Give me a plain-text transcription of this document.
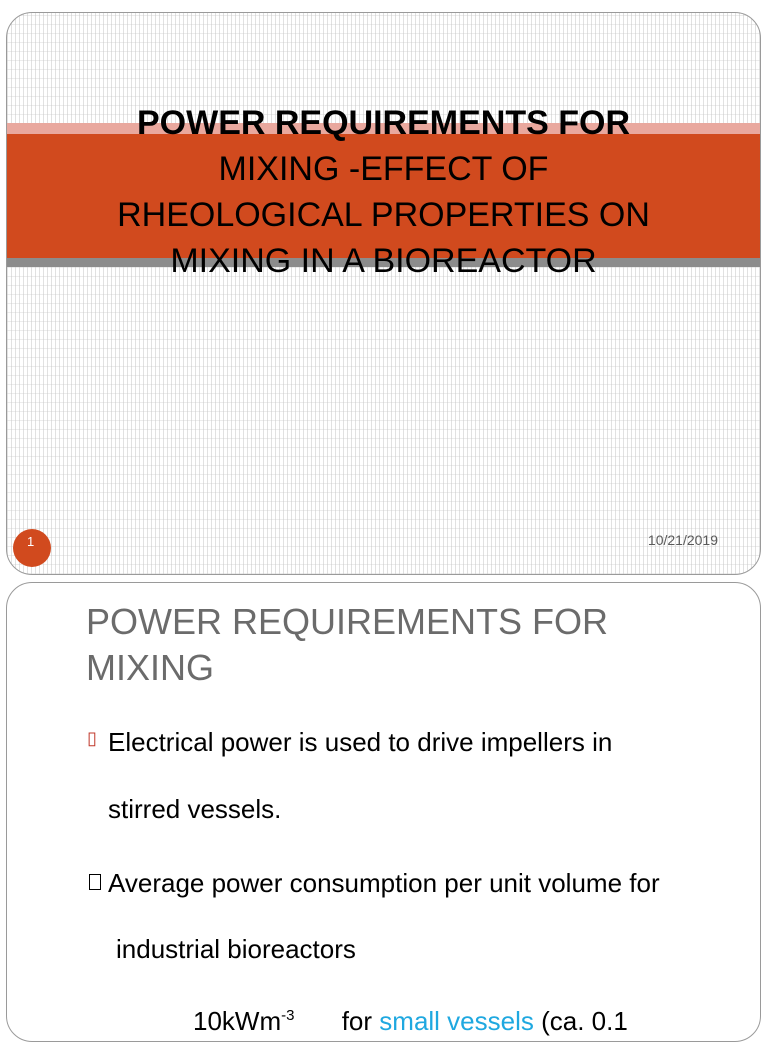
POWER REQUIREMENTS FOR
MIXING -EFFECT OF
RHEOLOGICAL PROPERTIES ON
MIXING IN A BIOREACTOR
1	10/21/2019
POWER REQUIREMENTS FOR
MIXING
▯ Electrical power is used to drive impellers in
stirred vessels.
Average power consumption per unit volume for
industrial bioreactors
10kWm$^{-3}$ for small vessels (ca. 0.1
